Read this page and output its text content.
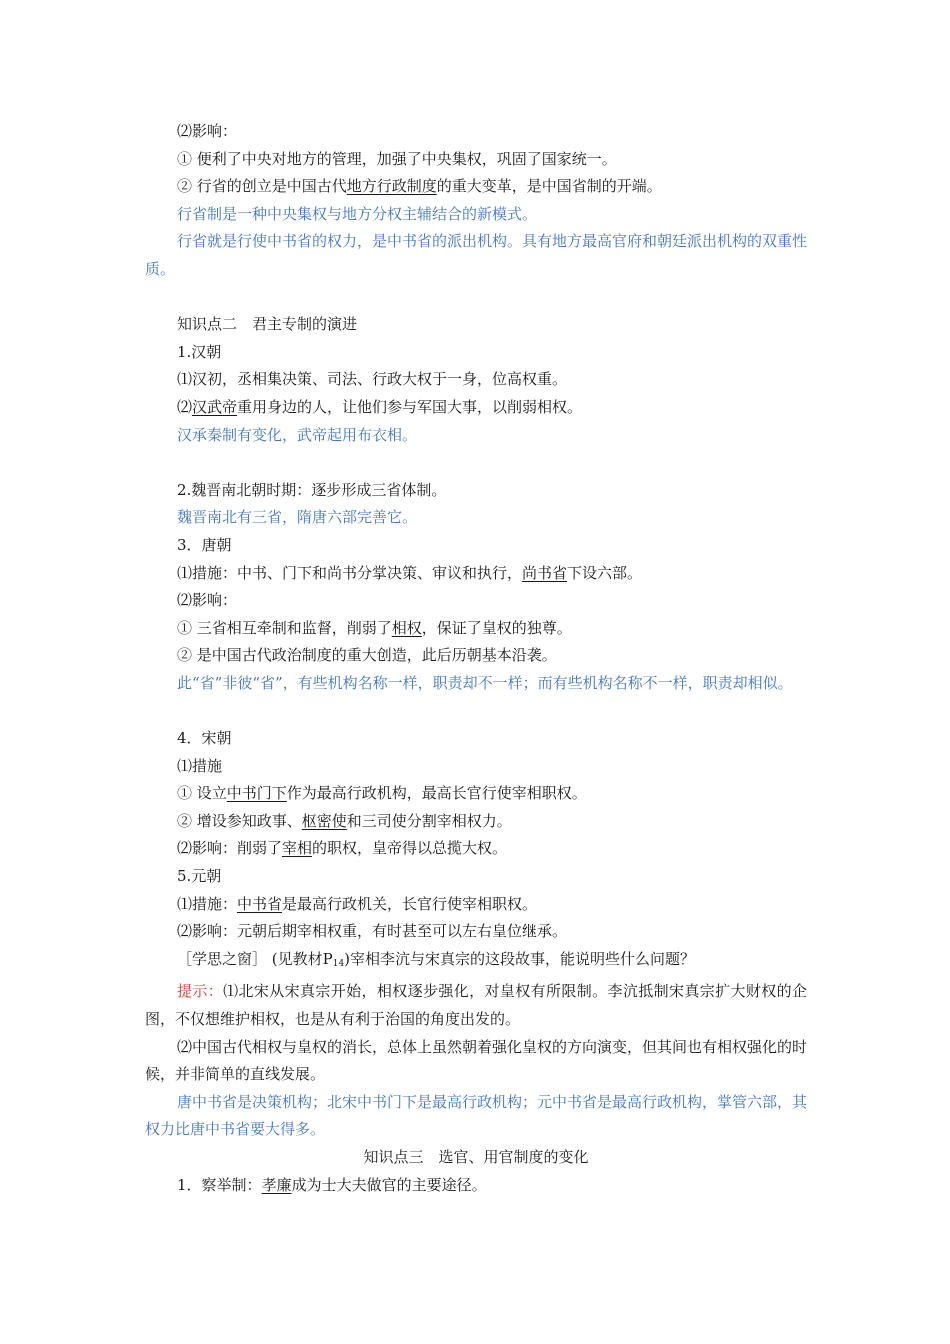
⑵影响：
① 便利了中央对地方的管理，加强了中央集权，巩固了国家统一。
② 行省的创立是中国古代地方行政制度的重大变革，是中国省制的开端。
行省制是一种中央集权与地方分权主辅结合的新模式。
行省就是行使中书省的权力，是中书省的派出机构。具有地方最高官府和朝廷派出机构的双重性质。
知识点二　君主专制的演进
1.汉朝
⑴汉初，丞相集决策、司法、行政大权于一身，位高权重。
⑵汉武帝重用身边的人，让他们参与军国大事，以削弱相权。
汉承秦制有变化，武帝起用布衣相。
2.魏晋南北朝时期：逐步形成三省体制。
魏晋南北有三省，隋唐六部完善它。
3．唐朝
⑴措施：中书、门下和尚书分掌决策、审议和执行，尚书省下设六部。
⑵影响：
① 三省相互牵制和监督，削弱了相权，保证了皇权的独尊。
② 是中国古代政治制度的重大创造，此后历朝基本沿袭。
此“省”非彼“省”，有些机构名称一样，职责却不一样；而有些机构名称不一样，职责却相似。
4．宋朝
⑴措施
① 设立中书门下作为最高行政机构，最高长官行使宰相职权。
② 增设参知政事、枢密使和三司使分割宰相权力。
⑵影响：削弱了宰相的职权，皇帝得以总揽大权。
5.元朝
⑴措施：中书省是最高行政机关，长官行使宰相职权。
⑵影响：元朝后期宰相权重，有时甚至可以左右皇位继承。
［学思之窗］ (见教材$P_{14}$)宰相李沆与宋真宗的这段故事，能说明些什么问题？
提示：⑴北宋从宋真宗开始，相权逐步强化，对皇权有所限制。李沆抵制宋真宗扩大财权的企图，不仅想维护相权，也是从有利于治国的角度出发的。
⑵中国古代相权与皇权的消长，总体上虽然朝着强化皇权的方向演变，但其间也有相权强化的时候，并非简单的直线发展。
唐中书省是决策机构；北宋中书门下是最高行政机构；元中书省是最高行政机构，掌管六部，其权力比唐中书省要大得多。
知识点三　选官、用官制度的变化
1．察举制：孝廉成为士大夫做官的主要途径。
